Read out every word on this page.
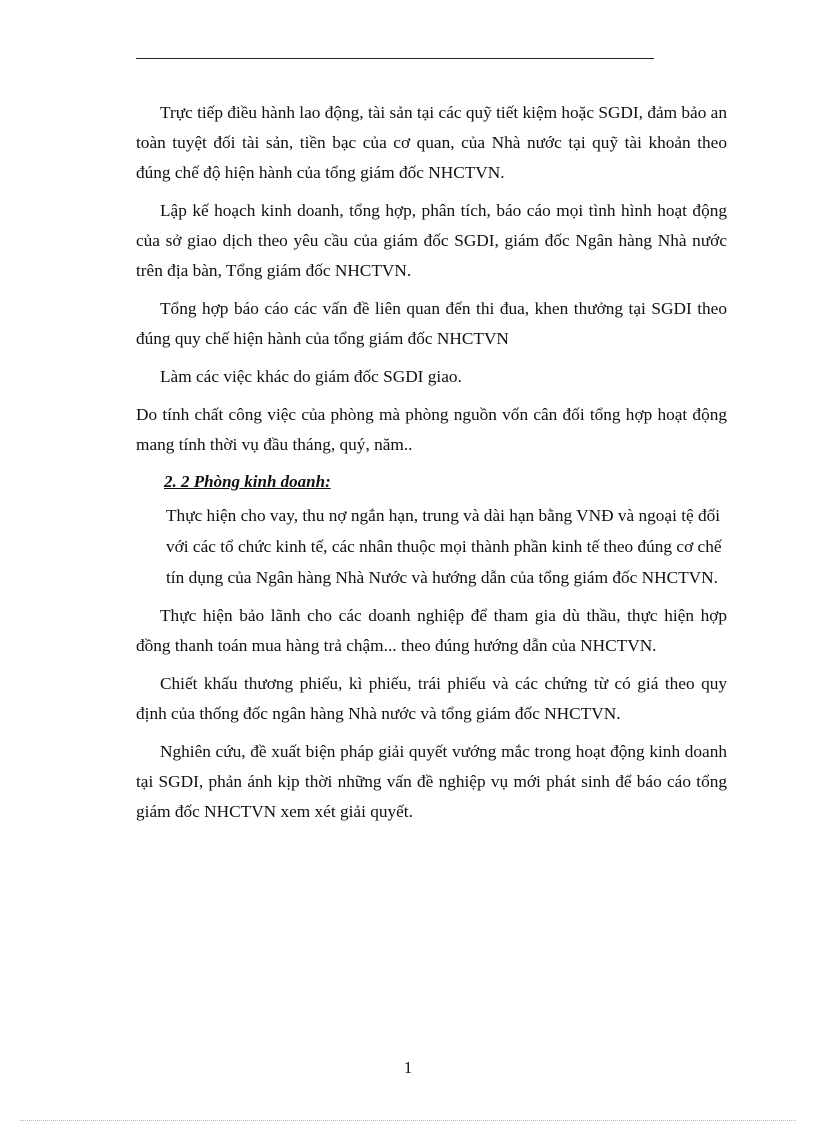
Trực tiếp điều hành lao động, tài sản tại các quỹ tiết kiệm hoặc SGDI, đảm bảo an toàn tuyệt đối tài sản, tiền bạc của cơ quan, của Nhà nước tại quỹ tài khoản theo đúng chế độ hiện hành của tổng giám đốc NHCTVN.

Lập kế hoạch kinh doanh, tổng hợp, phân tích, báo cáo mọi tình hình hoạt động của sở giao dịch theo yêu cầu của giám đốc SGDI, giám đốc Ngân hàng Nhà nước trên địa bàn, Tổng giám đốc NHCTVN.

Tổng hợp báo cáo các vấn đề liên quan đến thi đua, khen thưởng tại SGDI theo đúng quy chế hiện hành của tổng giám đốc NHCTVN

Làm các việc khác do giám đốc SGDI giao.

Do tính chất công việc của phòng mà phòng nguồn vốn cân đối tổng hợp hoạt động mang tính thời vụ đầu tháng, quý, năm..

2. 2 Phòng kinh doanh:
Thực hiện cho vay, thu nợ ngắn hạn, trung và dài hạn bằng VNĐ và ngoại tệ đối với các tổ chức kinh tế, các nhân thuộc mọi thành phần kinh tế theo đúng cơ chế tín dụng của Ngân hàng Nhà Nước và hướng dẫn của tổng giám đốc NHCTVN.

Thực hiện bảo lãnh cho các doanh nghiệp để tham gia dù thầu, thực hiện hợp đồng thanh toán mua hàng trả chậm... theo đúng hướng dẫn của NHCTVN.

Chiết khấu thương phiếu, kì phiếu, trái phiếu và các chứng từ có giá theo quy định của thống đốc ngân hàng Nhà nước và tổng giám đốc NHCTVN.

Nghiên cứu, đề xuất biện pháp giải quyết vướng mắc trong hoạt động kinh doanh tại SGDI, phản ánh kịp thời những vấn đề nghiệp vụ mới phát sinh để báo cáo tổng giám đốc NHCTVN xem xét giải quyết.

1
